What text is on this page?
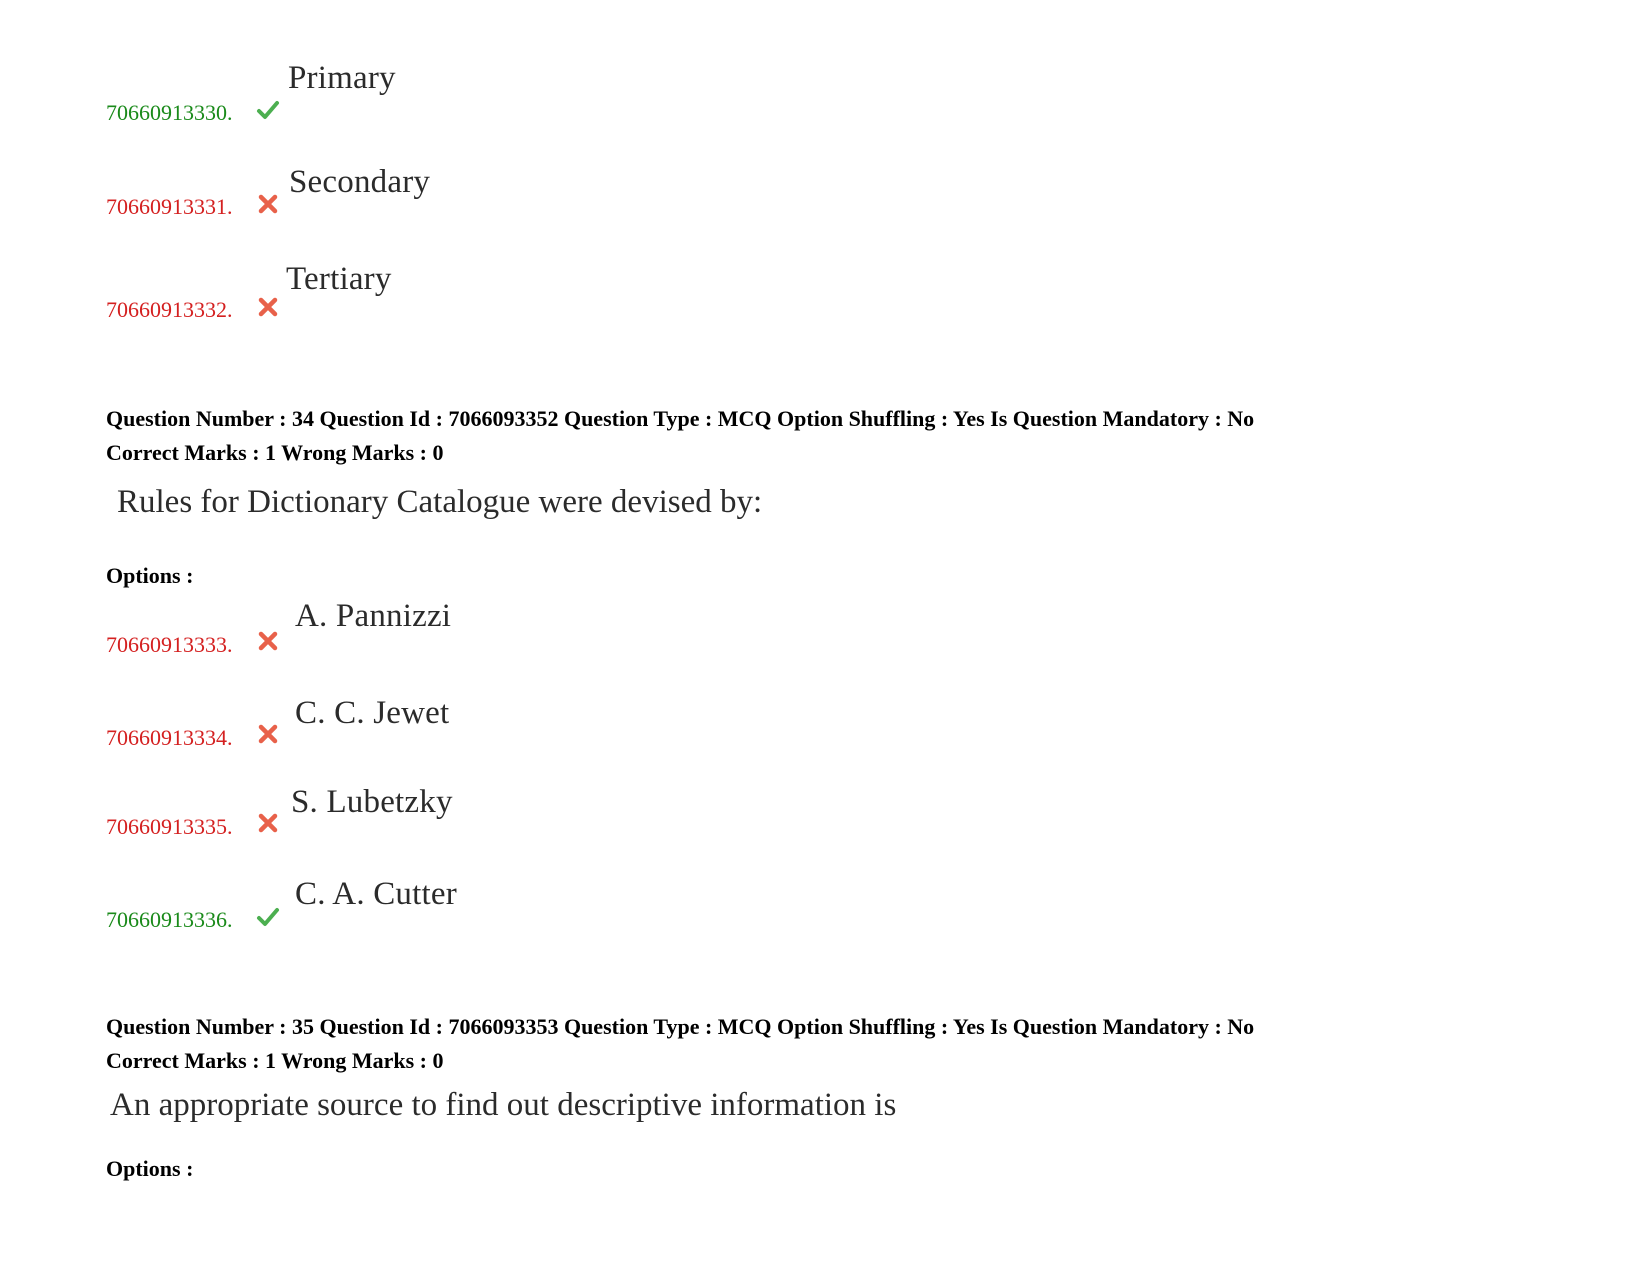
70660913330.
Primary
70660913331.
Secondary
70660913332.
Tertiary
Question Number : 34 Question Id : 7066093352 Question Type : MCQ Option Shuffling : Yes Is Question Mandatory : No
Correct Marks : 1 Wrong Marks : 0
Rules for Dictionary Catalogue were devised by:
Options :
70660913333.
A. Pannizzi
70660913334.
C. C. Jewet
70660913335.
S. Lubetzky
70660913336.
C. A. Cutter
Question Number : 35 Question Id : 7066093353 Question Type : MCQ Option Shuffling : Yes Is Question Mandatory : No
Correct Marks : 1 Wrong Marks : 0
An appropriate source to find out descriptive information is
Options :
